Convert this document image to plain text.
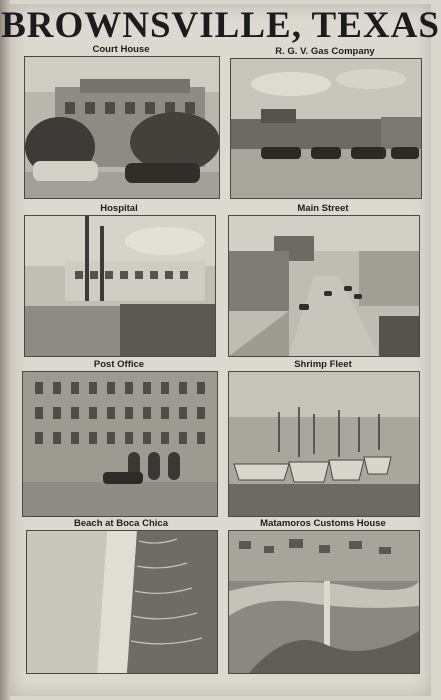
BROWNSVILLE, TEXAS
Court House	R. G. V. Gas Company
Hospital	Main Street
Post Office	Shrimp Fleet
Beach at Boca Chica	Matamoros Customs House
